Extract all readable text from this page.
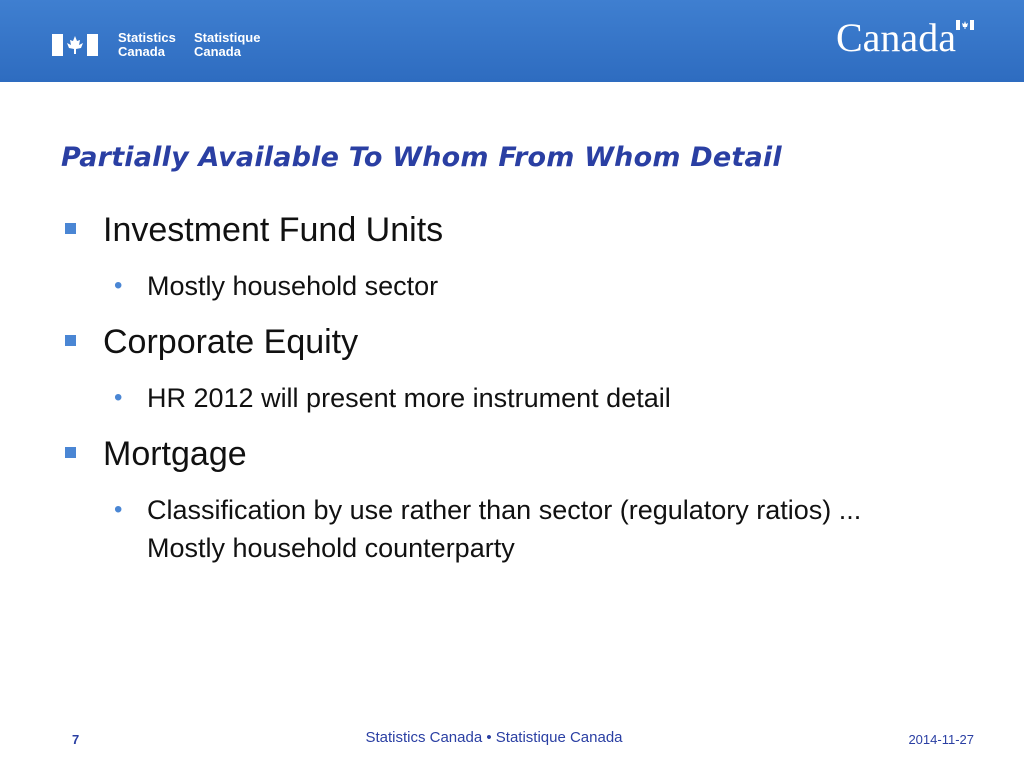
Statistics
Canada
Statistique
Canada	Canada
Partially Available To Whom From Whom Detail
Investment Fund Units
• Mostly household sector
Corporate Equity
• HR 2012 will present more instrument detail
Mortgage
• Classification by use rather than sector (regulatory ratios) ... Mostly household counterparty
7	Statistics Canada • Statistique Canada	2014-11-27
